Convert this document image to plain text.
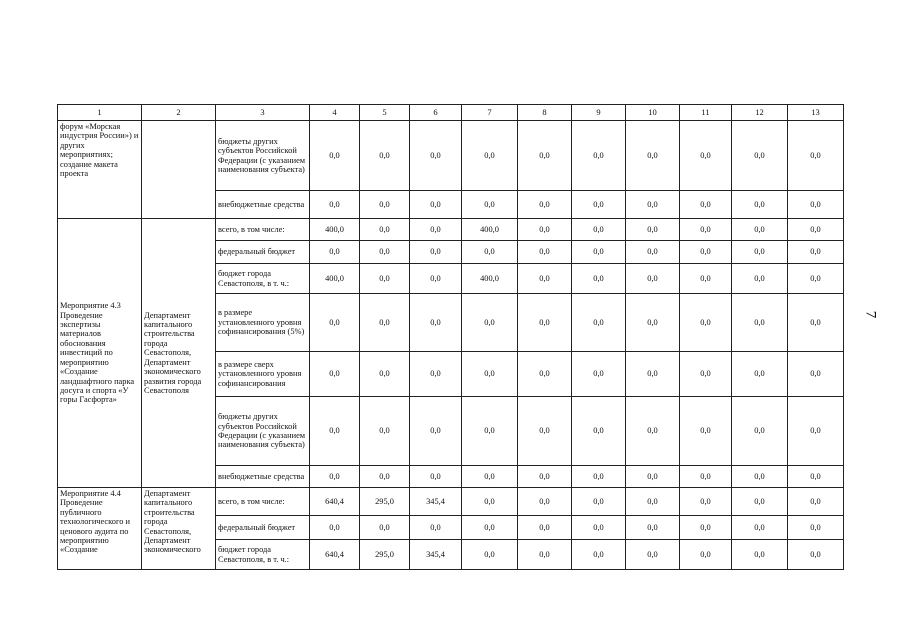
7
1	2	3	4	5	6	7	8	9	10	11	12	13
форум «Морская индустрия России») и других мероприятиях; создание макета проекта		бюджеты других субъектов Российской Федерации (с указанием наименования субъекта)	0,0	0,0	0,0	0,0	0,0	0,0	0,0	0,0	0,0	0,0
		внебюджетные средства	0,0	0,0	0,0	0,0	0,0	0,0	0,0	0,0	0,0	0,0
Мероприятие 4.3 Проведение экспертизы материалов обоснования инвестиций по мероприятию «Создание ландшафтного парка досуга и спорта «У горы Гасфорта»	Департамент капитального строительства города Севастополя, Департамент экономического развития города Севастополя	всего, в том числе:	400,0	0,0	0,0	400,0	0,0	0,0	0,0	0,0	0,0	0,0
		федеральный бюджет	0,0	0,0	0,0	0,0	0,0	0,0	0,0	0,0	0,0	0,0
		бюджет города Севастополя, в т. ч.:	400,0	0,0	0,0	400,0	0,0	0,0	0,0	0,0	0,0	0,0
		в размере установленного уровня софинансирования (5%)	0,0	0,0	0,0	0,0	0,0	0,0	0,0	0,0	0,0	0,0
		в размере сверх установленного уровня софинансирования	0,0	0,0	0,0	0,0	0,0	0,0	0,0	0,0	0,0	0,0
		бюджеты других субъектов Российской Федерации (с указанием наименования субъекта)	0,0	0,0	0,0	0,0	0,0	0,0	0,0	0,0	0,0	0,0
		внебюджетные средства	0,0	0,0	0,0	0,0	0,0	0,0	0,0	0,0	0,0	0,0
Мероприятие 4.4 Проведение публичного технологического и ценового аудита по мероприятию «Создание	Департамент капитального строительства города Севастополя, Департамент экономического	всего, в том числе:	640,4	295,0	345,4	0,0	0,0	0,0	0,0	0,0	0,0	0,0
		федеральный бюджет	0,0	0,0	0,0	0,0	0,0	0,0	0,0	0,0	0,0	0,0
		бюджет города Севастополя, в т. ч.:	640,4	295,0	345,4	0,0	0,0	0,0	0,0	0,0	0,0	0,0
